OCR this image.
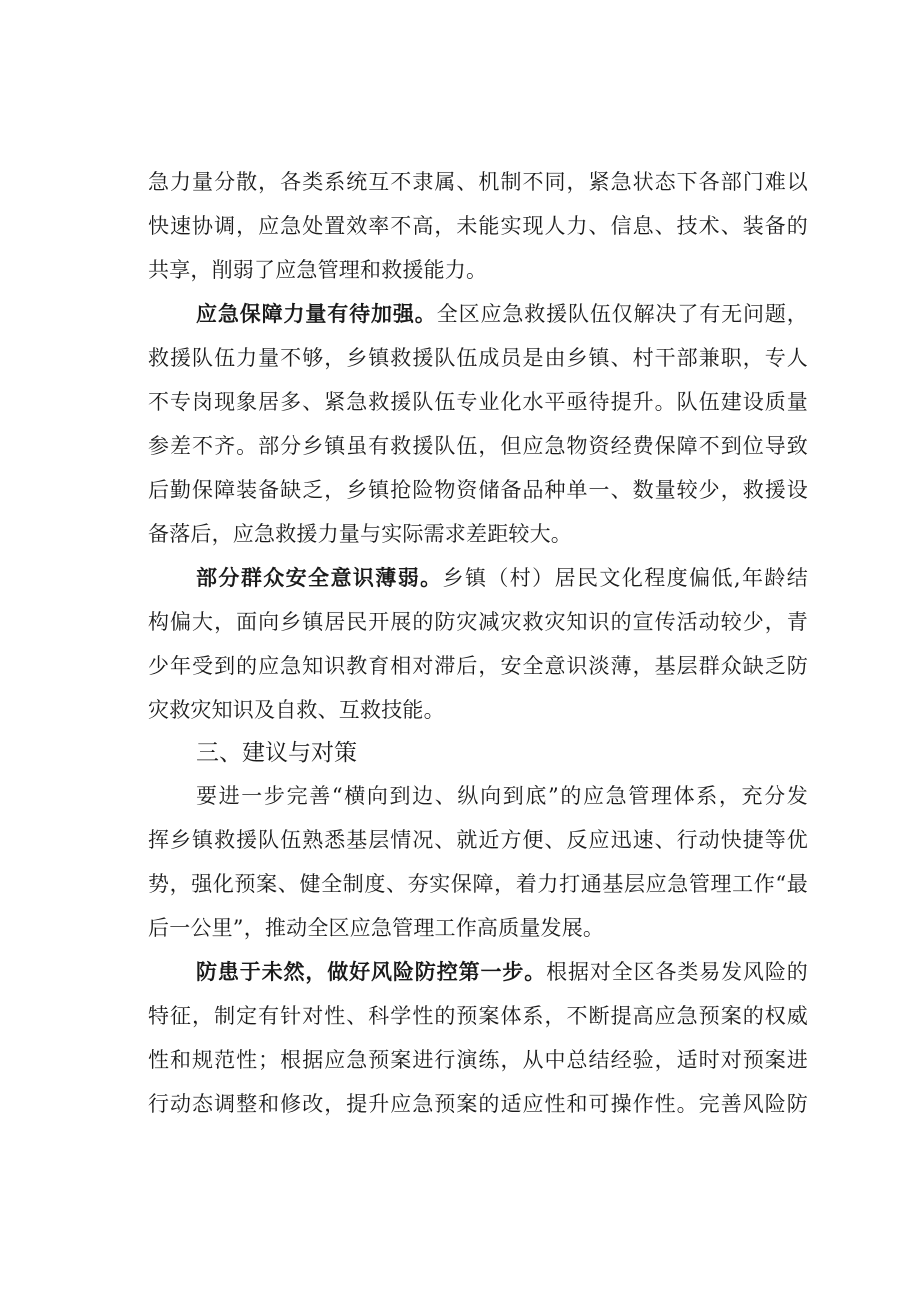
急力量分散，各类系统互不隶属、机制不同，紧急状态下各部门难以
快速协调，应急处置效率不高，未能实现人力、信息、技术、装备的
共享，削弱了应急管理和救援能力。
应急保障力量有待加强。全区应急救援队伍仅解决了有无问题，
救援队伍力量不够，乡镇救援队伍成员是由乡镇、村干部兼职，专人
不专岗现象居多、紧急救援队伍专业化水平亟待提升。队伍建设质量
参差不齐。部分乡镇虽有救援队伍，但应急物资经费保障不到位导致
后勤保障装备缺乏，乡镇抢险物资储备品种单一、数量较少，救援设
备落后，应急救援力量与实际需求差距较大。
部分群众安全意识薄弱。乡镇（村）居民文化程度偏低,年龄结
构偏大，面向乡镇居民开展的防灾减灾救灾知识的宣传活动较少，青
少年受到的应急知识教育相对滞后，安全意识淡薄，基层群众缺乏防
灾救灾知识及自救、互救技能。
三、建议与对策
要进一步完善“横向到边、纵向到底”的应急管理体系，充分发
挥乡镇救援队伍熟悉基层情况、就近方便、反应迅速、行动快捷等优
势，强化预案、健全制度、夯实保障，着力打通基层应急管理工作“最
后一公里”，推动全区应急管理工作高质量发展。
防患于未然，做好风险防控第一步。根据对全区各类易发风险的
特征，制定有针对性、科学性的预案体系，不断提高应急预案的权威
性和规范性；根据应急预案进行演练，从中总结经验，适时对预案进
行动态调整和修改，提升应急预案的适应性和可操作性。完善风险防
